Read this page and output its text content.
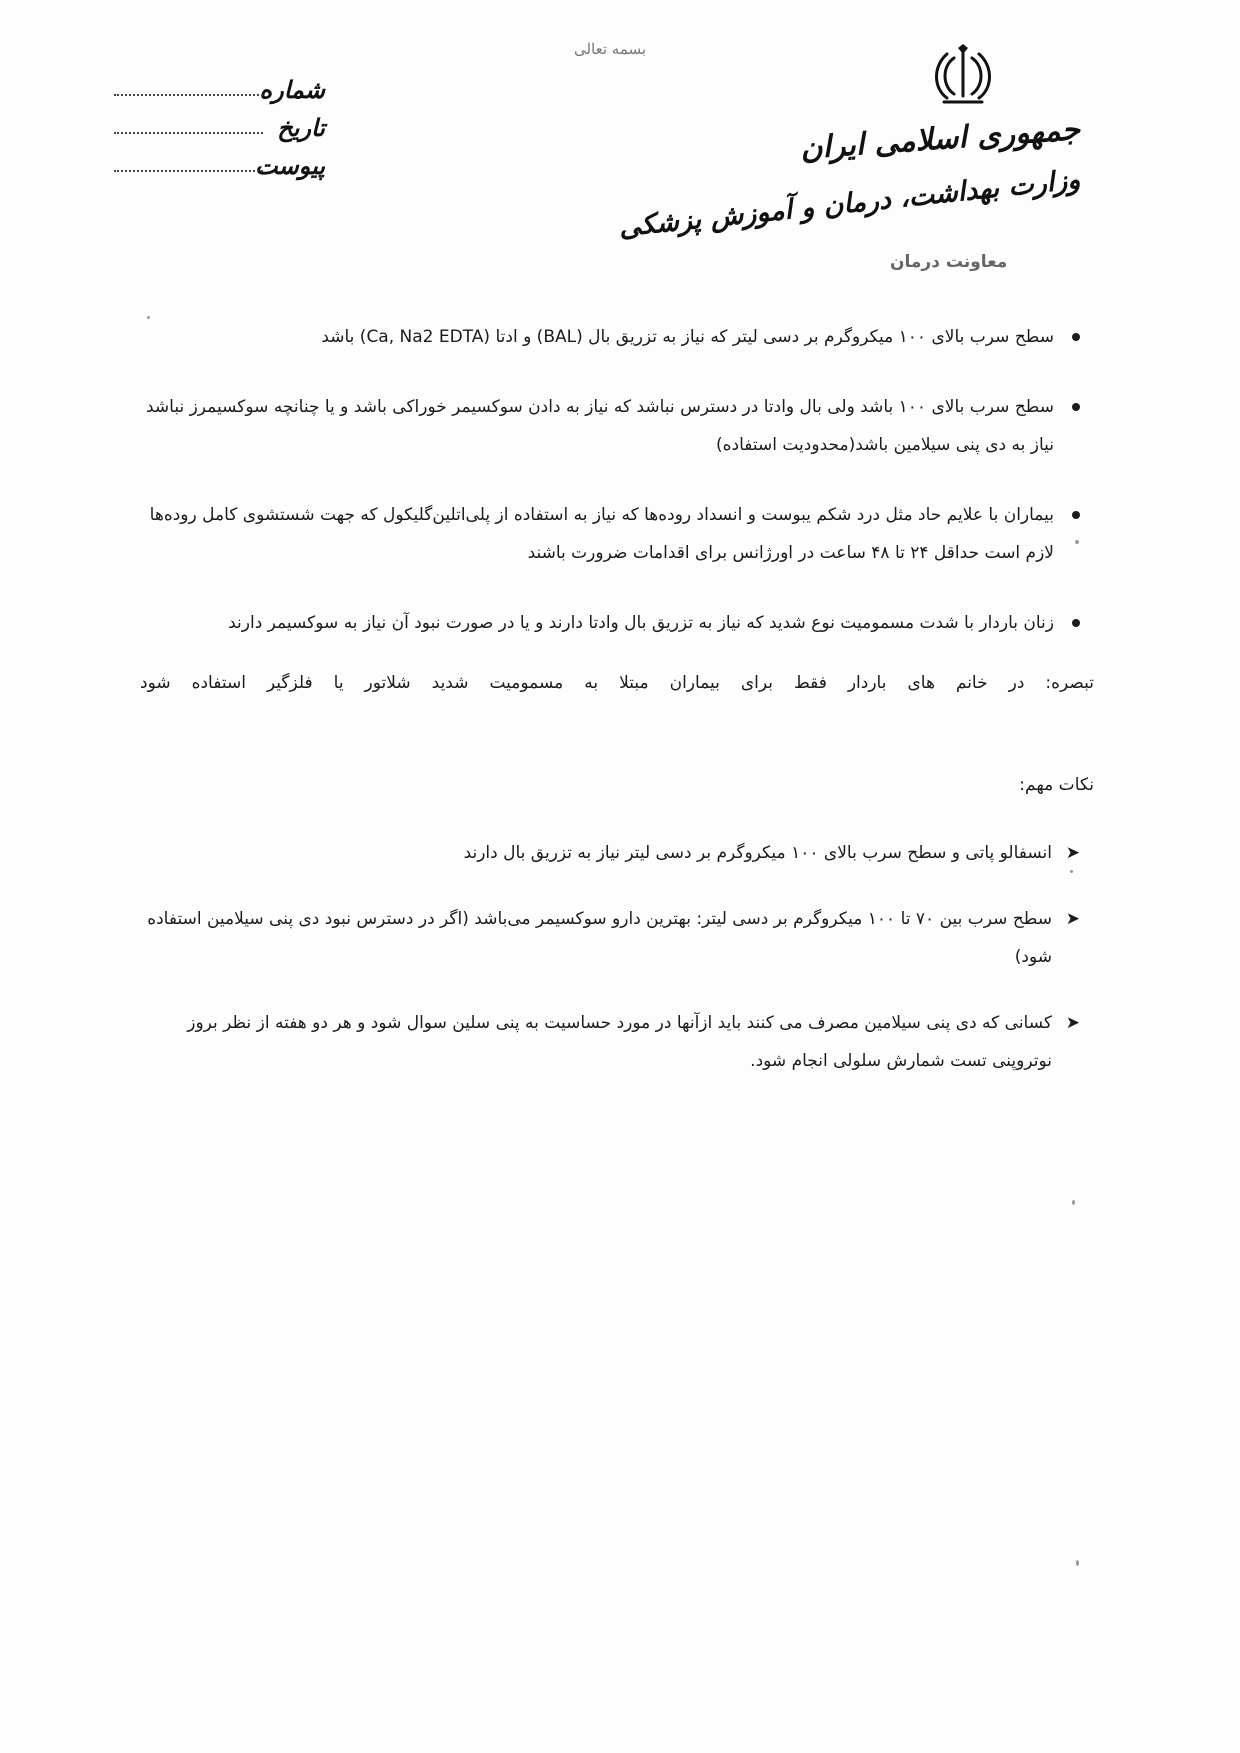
بسمه تعالی
جمهوری اسلامی ایران
وزارت بهداشت، درمان و آموزش پزشکی
معاونت درمان
شماره
تاریخ
پیوست
سطح سرب بالای ۱۰۰ میکروگرم بر دسی لیتر که نیاز به تزریق بال (BAL) و ادتا (Ca, Na2 EDTA) باشد
سطح سرب بالای ۱۰۰ باشد ولی بال وادتا در دسترس نباشد که نیاز به دادن سوکسیمر خوراکی باشد و یا چنانچه سوکسیمرز نباشد نیاز به دی پنی سیلامین باشد(محدودیت استفاده)
بیماران با علایم حاد مثل درد شکم یبوست و انسداد روده‌ها که نیاز به استفاده از پلی‌اتلین‌گلیکول که جهت شستشوی کامل روده‌ها لازم است حداقل ۲۴ تا ۴۸ ساعت در اورژانس برای اقدامات ضرورت باشند
زنان باردار با شدت مسمومیت نوع شدید که نیاز به تزریق بال وادتا دارند و یا در صورت نبود آن نیاز به سوکسیمر دارند
تبصره: در خانم های باردار فقط برای بیماران مبتلا به مسمومیت شدید شلاتور یا فلزگیر استفاده شود
نکات مهم:
➤
انسفالو پاتی و سطح سرب بالای ۱۰۰ میکروگرم بر دسی لیتر نیاز به تزریق بال دارند
➤
سطح سرب بین ۷۰ تا ۱۰۰ میکروگرم بر دسی لیتر: بهترین دارو سوکسیمر می‌باشد (اگر در دسترس نبود دی پنی سیلامین استفاده شود)
➤
کسانی که دی پنی سیلامین مصرف می کنند باید ازآنها در مورد حساسیت به پنی سلین سوال شود و هر دو هفته از نظر بروز نوتروپنی تست شمارش سلولی انجام شود.
